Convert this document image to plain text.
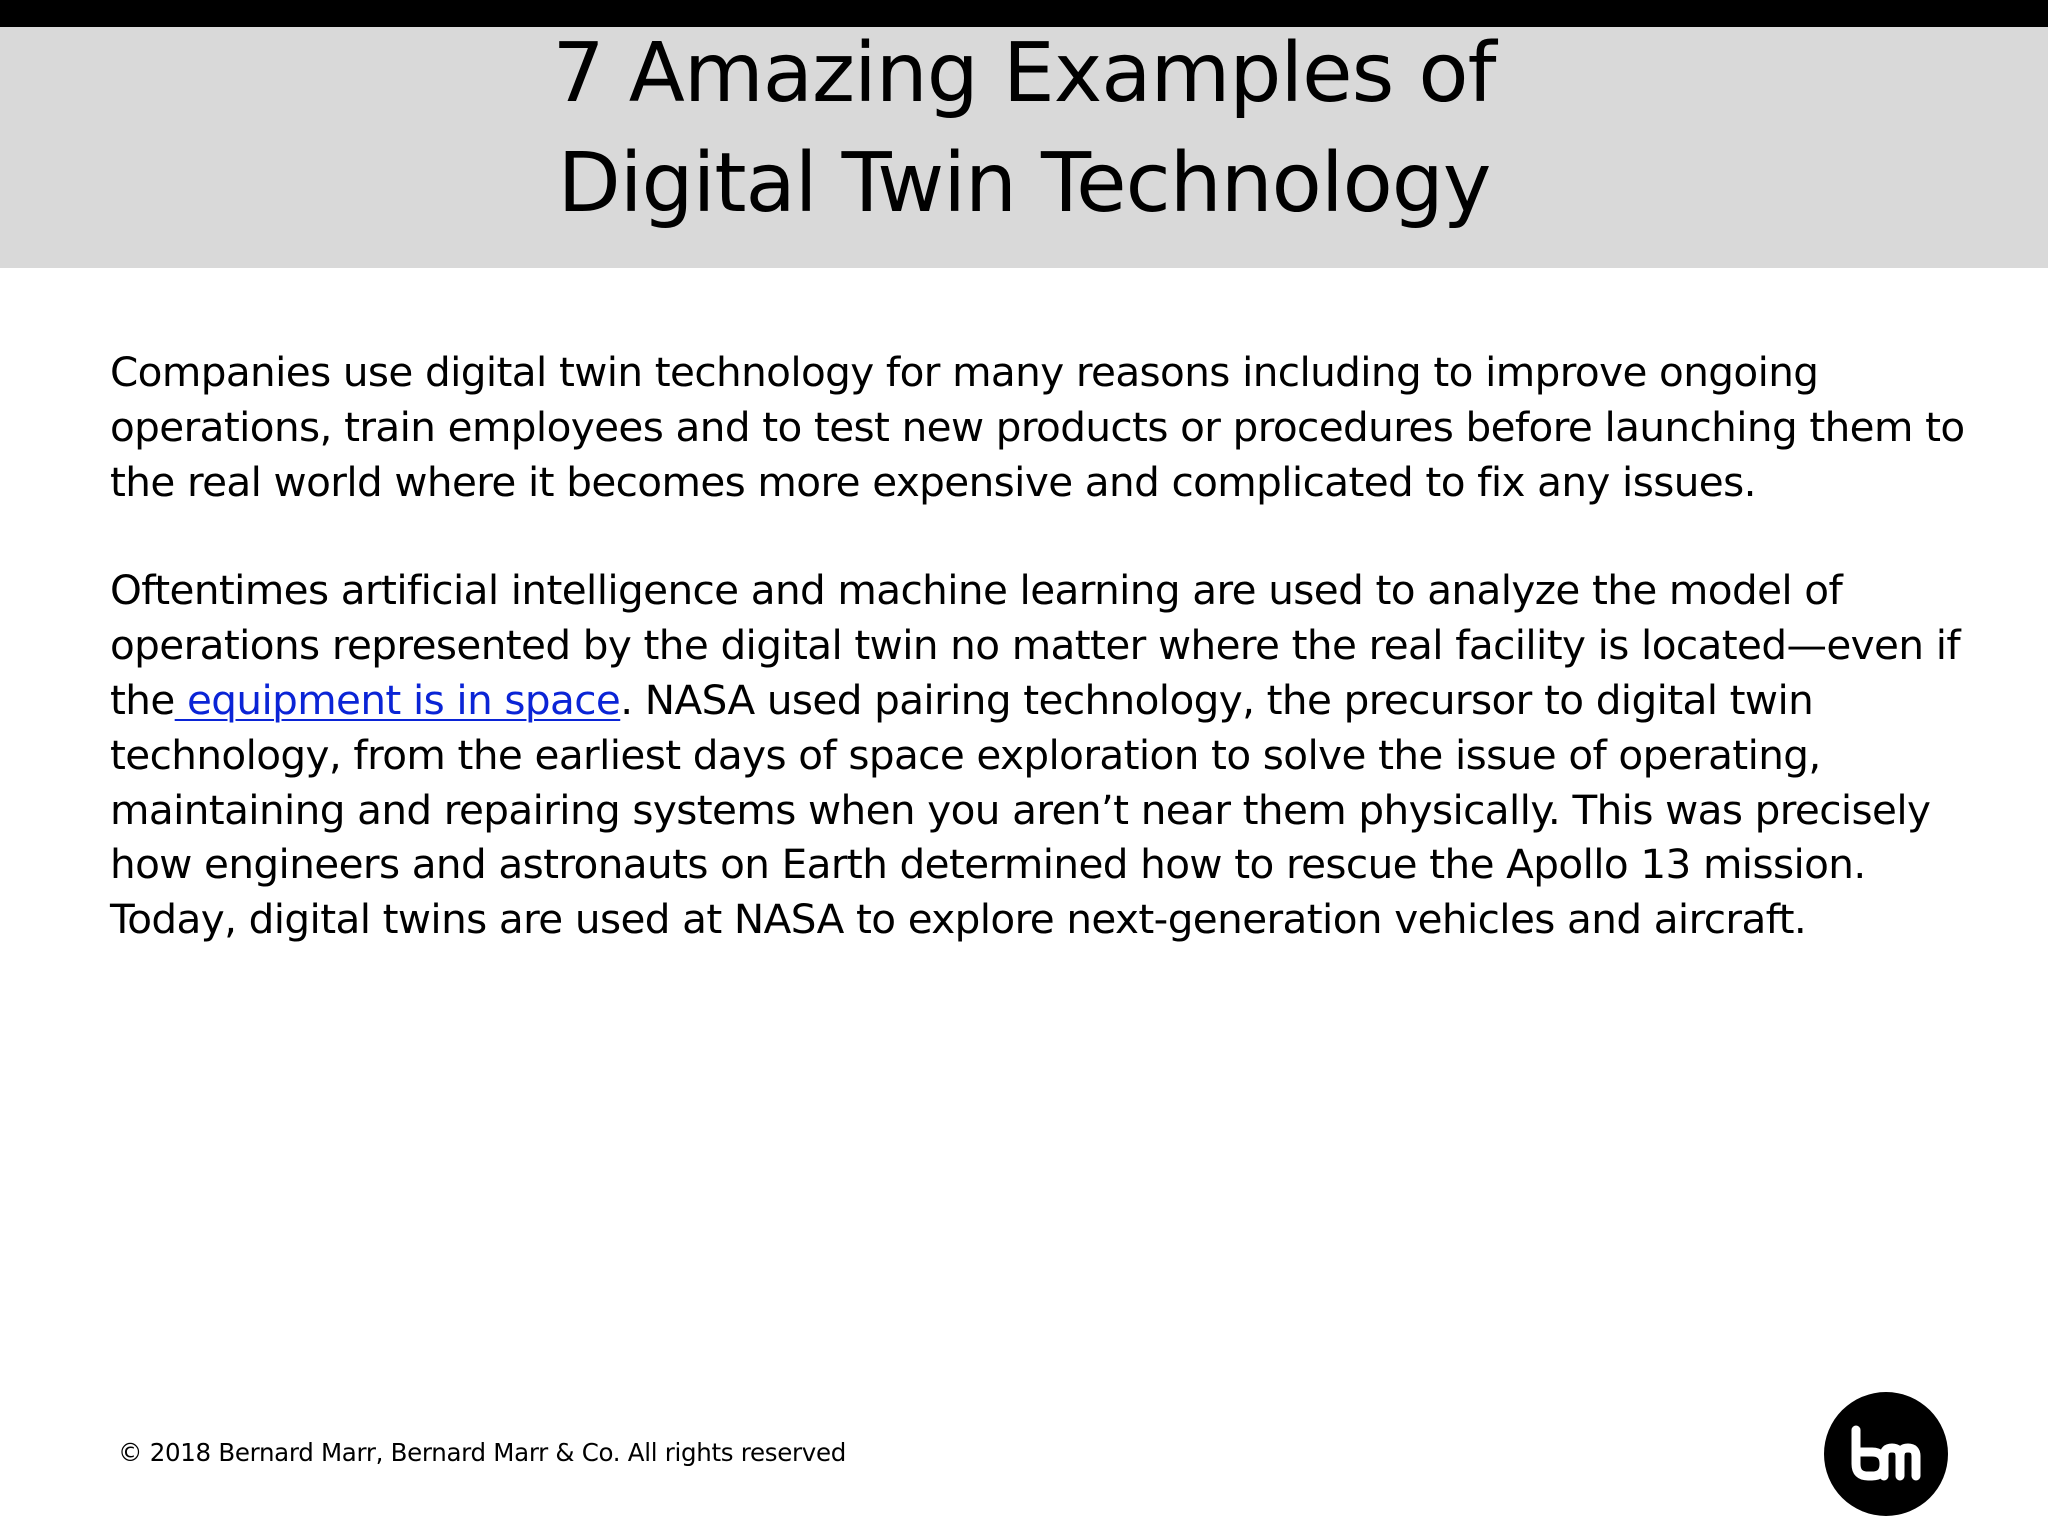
7 Amazing Examples of
Digital Twin Technology
Companies use digital twin technology for many reasons including to improve ongoing
operations, train employees and to test new products or procedures before launching them to
the real world where it becomes more expensive and complicated to fix any issues.
Oftentimes artificial intelligence and machine learning are used to analyze the model of
operations represented by the digital twin no matter where the real facility is located—even if
the equipment is in space. NASA used pairing technology, the precursor to digital twin
technology, from the earliest days of space exploration to solve the issue of operating,
maintaining and repairing systems when you aren’t near them physically. This was precisely
how engineers and astronauts on Earth determined how to rescue the Apollo 13 mission.
Today, digital twins are used at NASA to explore next-generation vehicles and aircraft.
© 2018 Bernard Marr, Bernard Marr & Co. All rights reserved
